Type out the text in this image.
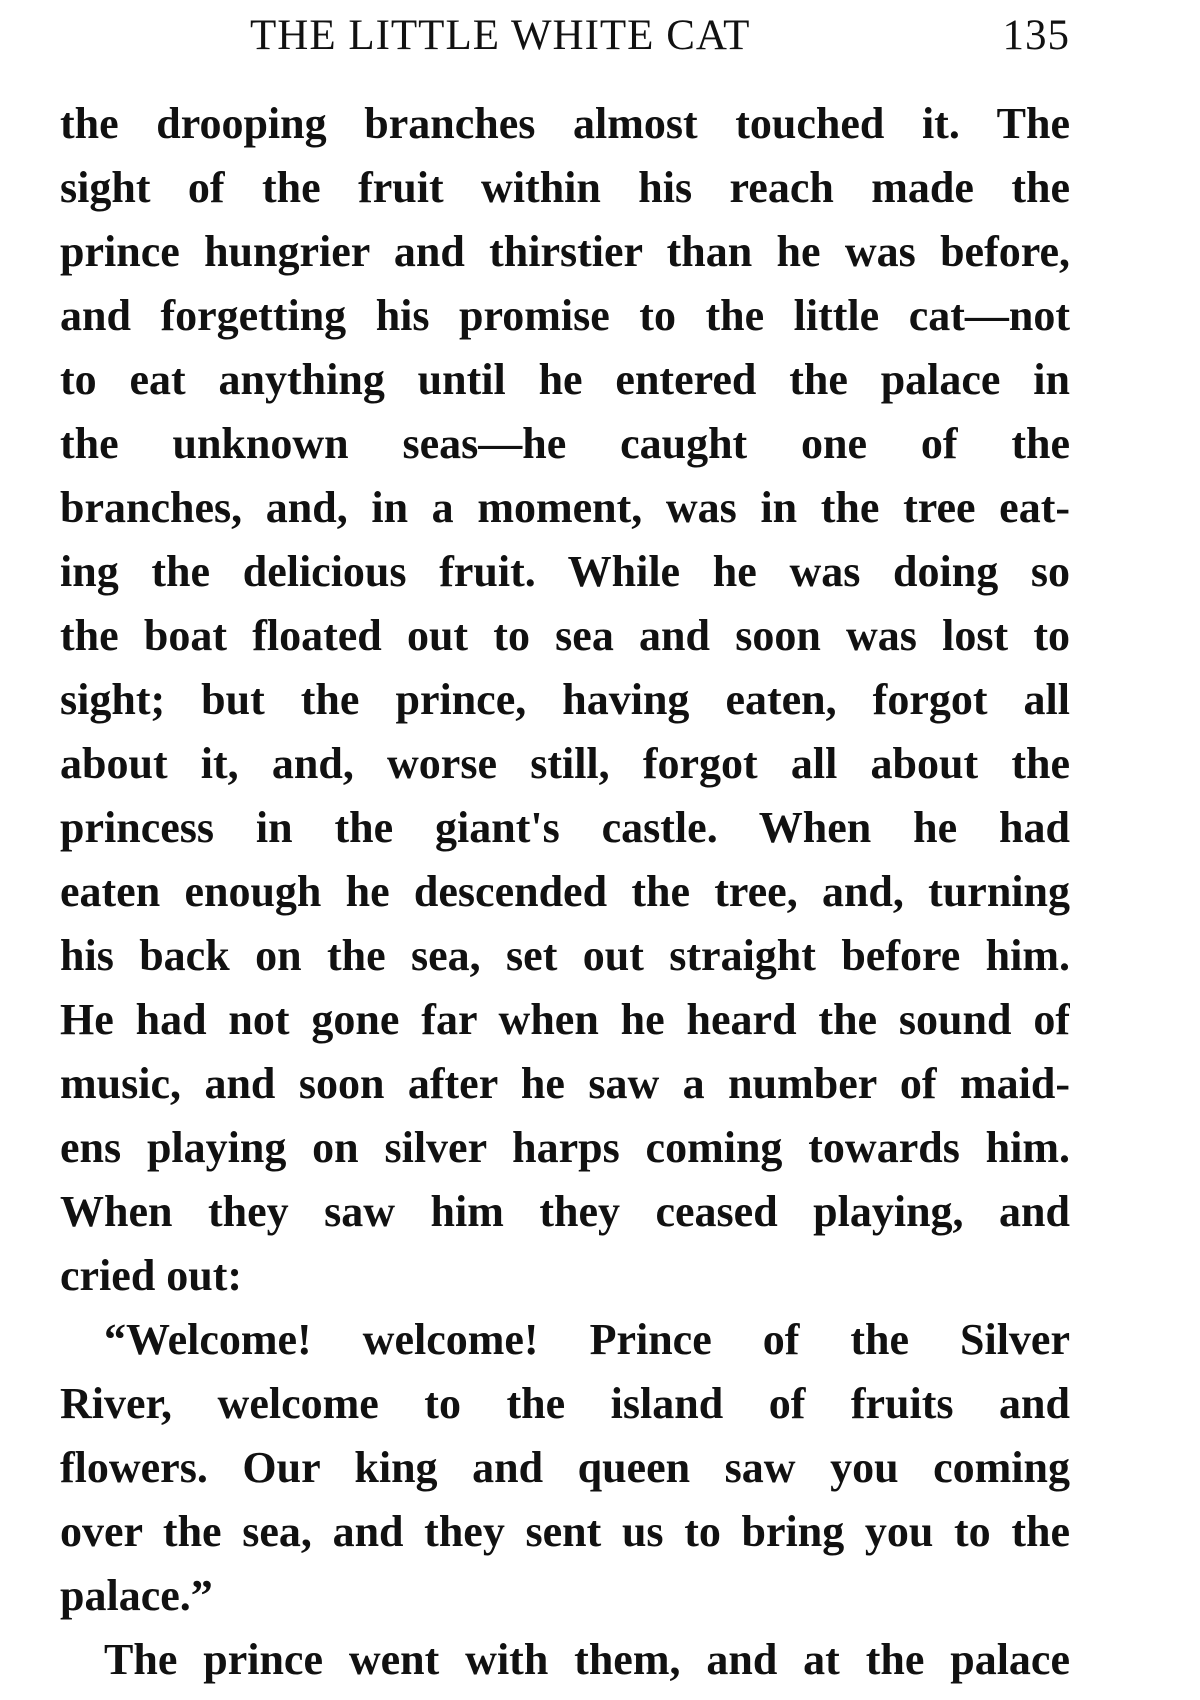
THE LITTLE WHITE CAT	135
the drooping branches almost touched it. The
sight of the fruit within his reach made the
prince hungrier and thirstier than he was before,
and forgetting his promise to the little cat—not
to eat anything until he entered the palace in
the unknown seas—he caught one of the
branches, and, in a moment, was in the tree eat-
ing the delicious fruit. While he was doing so
the boat floated out to sea and soon was lost to
sight; but the prince, having eaten, forgot all
about it, and, worse still, forgot all about the
princess in the giant's castle. When he had
eaten enough he descended the tree, and, turning
his back on the sea, set out straight before him.
He had not gone far when he heard the sound of
music, and soon after he saw a number of maid-
ens playing on silver harps coming towards him.
When they saw him they ceased playing, and
cried out:
“Welcome! welcome! Prince of the Silver
River, welcome to the island of fruits and
flowers. Our king and queen saw you coming
over the sea, and they sent us to bring you to the
palace.”
The prince went with them, and at the palace
